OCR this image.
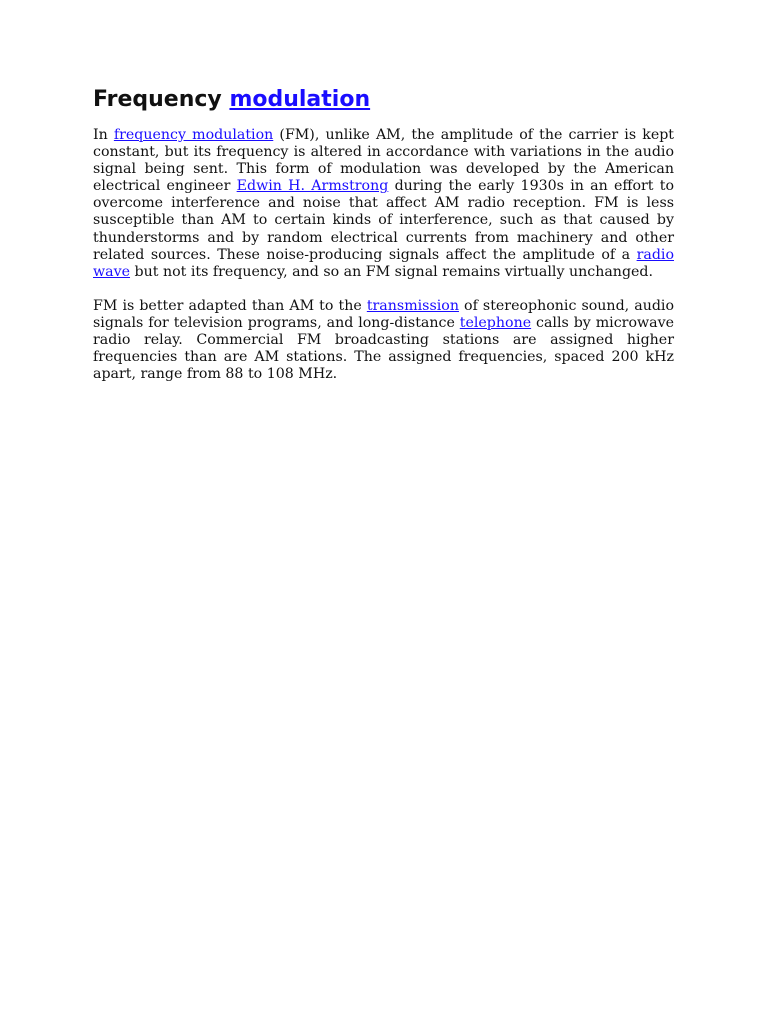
Frequency modulation

In frequency modulation (FM), unlike AM, the amplitude of the carrier is kept constant, but its frequency is altered in accordance with variations in the audio signal being sent. This form of modulation was developed by the American electrical engineer Edwin H. Armstrong during the early 1930s in an effort to overcome interference and noise that affect AM radio reception. FM is less susceptible than AM to certain kinds of interference, such as that caused by thunderstorms and by random electrical currents from machinery and other related sources. These noise-producing signals affect the amplitude of a radio wave but not its frequency, and so an FM signal remains virtually unchanged.

FM is better adapted than AM to the transmission of stereophonic sound, audio signals for television programs, and long-distance telephone calls by microwave radio relay. Commercial FM broadcasting stations are assigned higher frequencies than are AM stations. The assigned frequencies, spaced 200 kHz apart, range from 88 to 108 MHz.
